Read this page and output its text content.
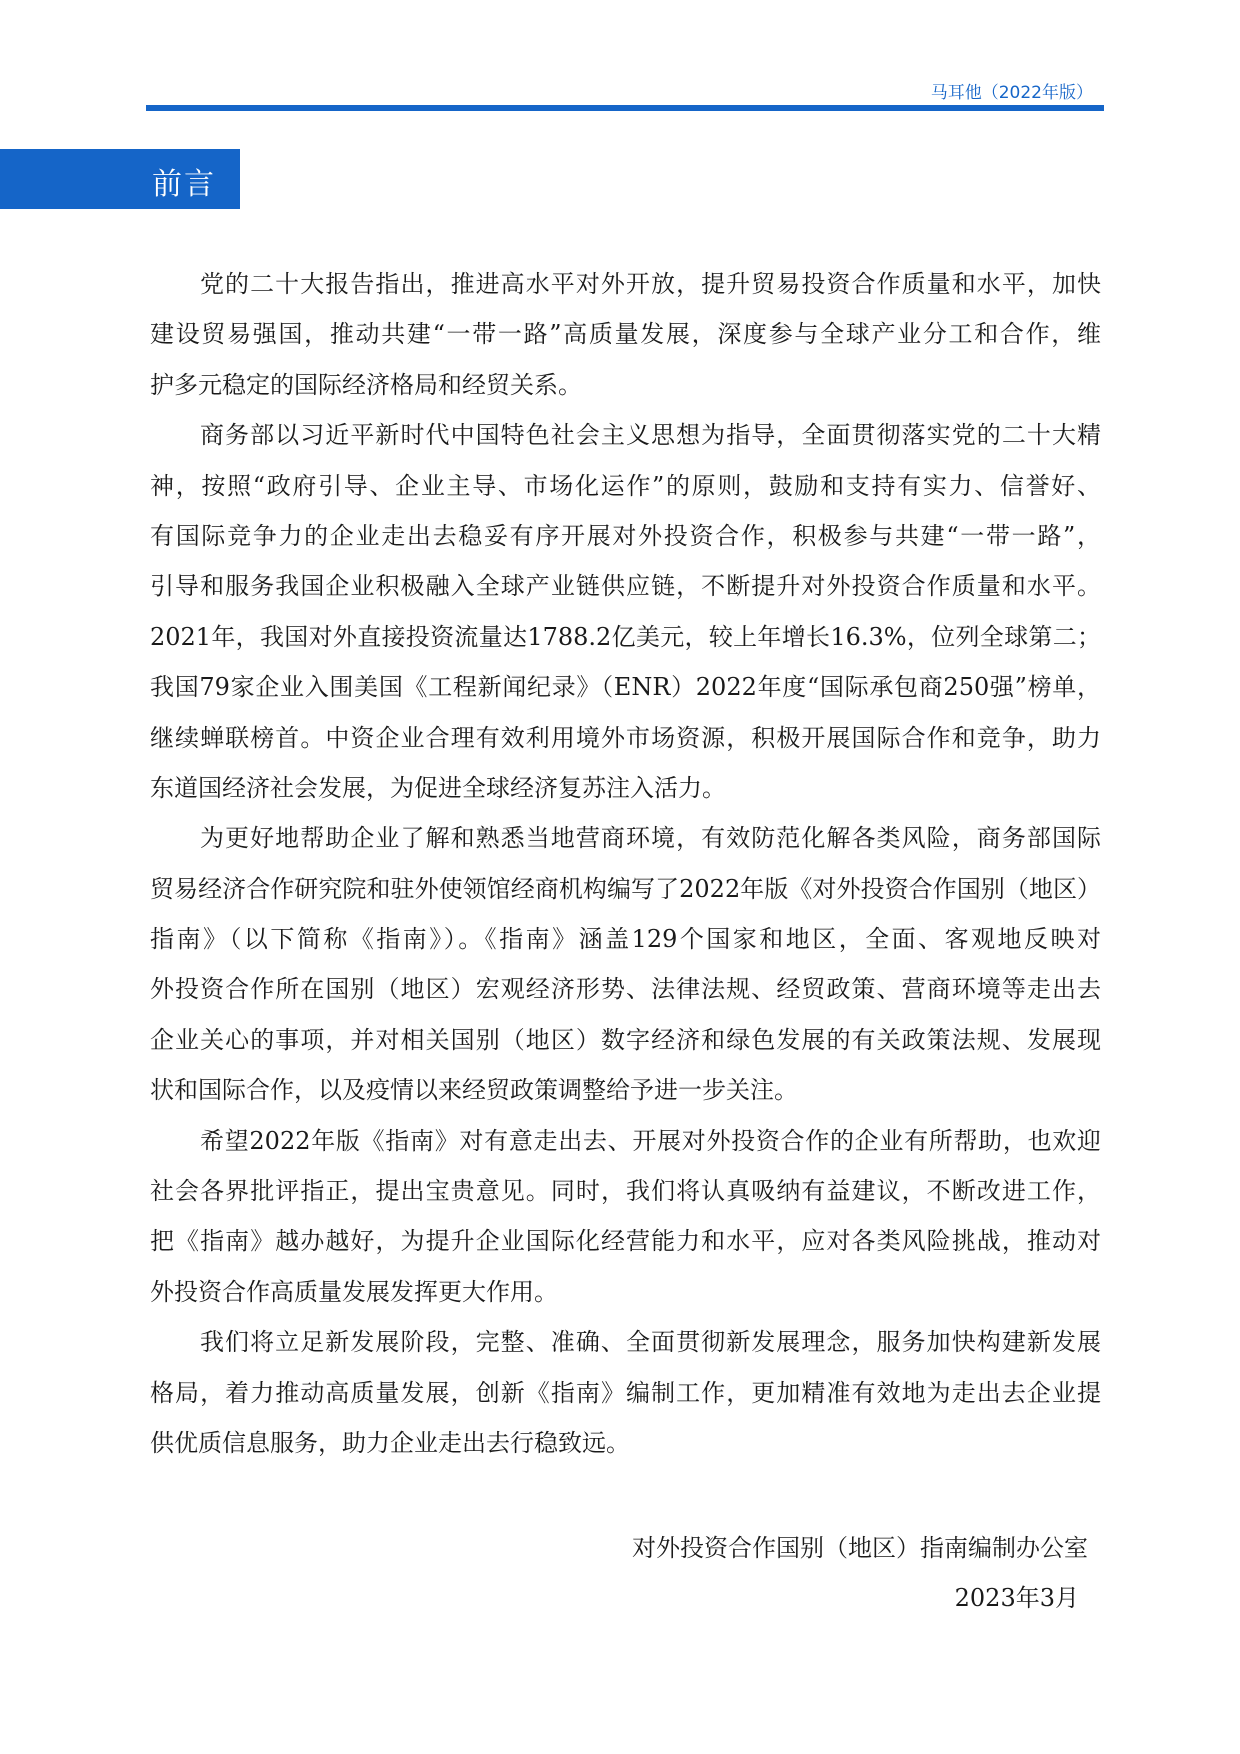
马耳他（2022年版）
前言
党的二十大报告指出，推进高水平对外开放，提升贸易投资合作质量和水平，加快
建设贸易强国，推动共建“一带一路”高质量发展，深度参与全球产业分工和合作，维
护多元稳定的国际经济格局和经贸关系。
商务部以习近平新时代中国特色社会主义思想为指导，全面贯彻落实党的二十大精
神，按照“政府引导、企业主导、市场化运作”的原则，鼓励和支持有实力、信誉好、
有国际竞争力的企业走出去稳妥有序开展对外投资合作，积极参与共建“一带一路”，
引导和服务我国企业积极融入全球产业链供应链，不断提升对外投资合作质量和水平。
2021年，我国对外直接投资流量达1788.2亿美元，较上年增长16.3%，位列全球第二；
我国79家企业入围美国《工程新闻纪录》（ENR）2022年度“国际承包商250强”榜单，
继续蝉联榜首。中资企业合理有效利用境外市场资源，积极开展国际合作和竞争，助力
东道国经济社会发展，为促进全球经济复苏注入活力。
为更好地帮助企业了解和熟悉当地营商环境，有效防范化解各类风险，商务部国际
贸易经济合作研究院和驻外使领馆经商机构编写了2022年版《对外投资合作国别（地区）
指南》（以下简称《指南》）。《指南》涵盖129个国家和地区，全面、客观地反映对
外投资合作所在国别（地区）宏观经济形势、法律法规、经贸政策、营商环境等走出去
企业关心的事项，并对相关国别（地区）数字经济和绿色发展的有关政策法规、发展现
状和国际合作，以及疫情以来经贸政策调整给予进一步关注。
希望2022年版《指南》对有意走出去、开展对外投资合作的企业有所帮助，也欢迎
社会各界批评指正，提出宝贵意见。同时，我们将认真吸纳有益建议，不断改进工作，
把《指南》越办越好，为提升企业国际化经营能力和水平，应对各类风险挑战，推动对
外投资合作高质量发展发挥更大作用。
我们将立足新发展阶段，完整、准确、全面贯彻新发展理念，服务加快构建新发展
格局，着力推动高质量发展，创新《指南》编制工作，更加精准有效地为走出去企业提
供优质信息服务，助力企业走出去行稳致远。
对外投资合作国别（地区）指南编制办公室
2023年3月
